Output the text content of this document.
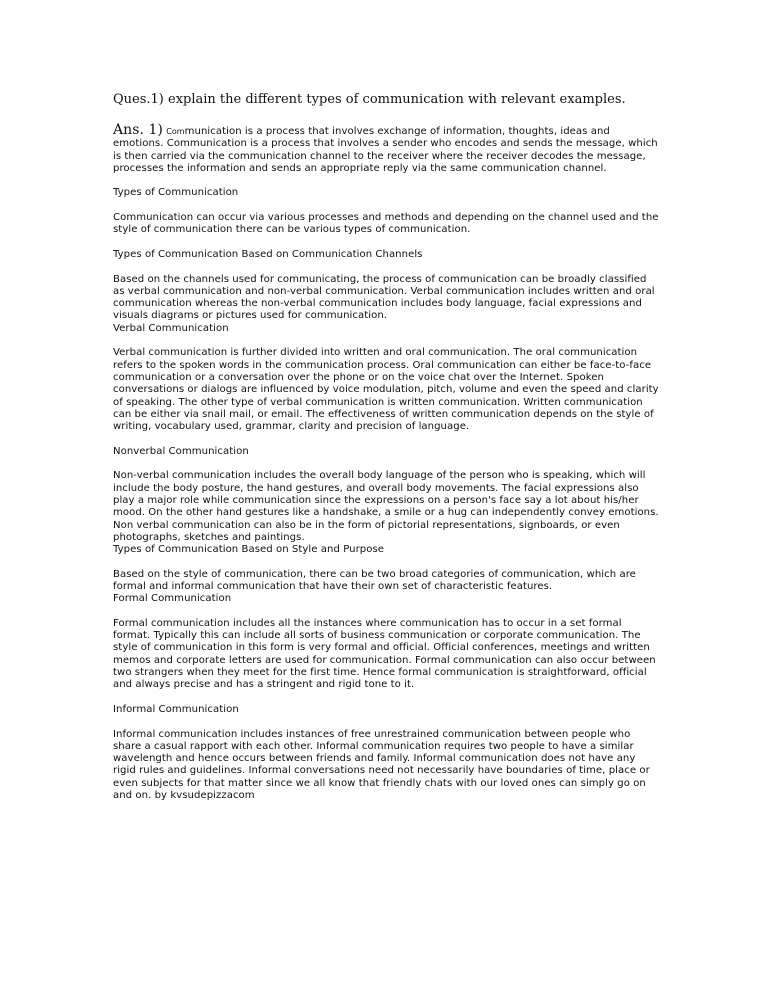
Ques.1) explain the different types of communication with relevant examples.

Ans. 1) Communication is a process that involves exchange of information, thoughts, ideas and emotions. Communication is a process that involves a sender who encodes and sends the message, which is then carried via the communication channel to the receiver where the receiver decodes the message, processes the information and sends an appropriate reply via the same communication channel.

Types of Communication

Communication can occur via various processes and methods and depending on the channel used and the style of communication there can be various types of communication.

Types of Communication Based on Communication Channels

Based on the channels used for communicating, the process of communication can be broadly classified as verbal communication and non-verbal communication. Verbal communication includes written and oral communication whereas the non-verbal communication includes body language, facial expressions and visuals diagrams or pictures used for communication.

Verbal Communication

Verbal communication is further divided into written and oral communication. The oral communication refers to the spoken words in the communication process. Oral communication can either be face-to-face communication or a conversation over the phone or on the voice chat over the Internet. Spoken conversations or dialogs are influenced by voice modulation, pitch, volume and even the speed and clarity of speaking. The other type of verbal communication is written communication. Written communication can be either via snail mail, or email. The effectiveness of written communication depends on the style of writing, vocabulary used, grammar, clarity and precision of language.

Nonverbal Communication

Non-verbal communication includes the overall body language of the person who is speaking, which will include the body posture, the hand gestures, and overall body movements. The facial expressions also play a major role while communication since the expressions on a person's face say a lot about his/her mood. On the other hand gestures like a handshake, a smile or a hug can independently convey emotions. Non verbal communication can also be in the form of pictorial representations, signboards, or even photographs, sketches and paintings.

Types of Communication Based on Style and Purpose

Based on the style of communication, there can be two broad categories of communication, which are formal and informal communication that have their own set of characteristic features.

Formal Communication

Formal communication includes all the instances where communication has to occur in a set formal format. Typically this can include all sorts of business communication or corporate communication. The style of communication in this form is very formal and official. Official conferences, meetings and written memos and corporate letters are used for communication. Formal communication can also occur between two strangers when they meet for the first time. Hence formal communication is straightforward, official and always precise and has a stringent and rigid tone to it.

Informal Communication

Informal communication includes instances of free unrestrained communication between people who share a casual rapport with each other. Informal communication requires two people to have a similar wavelength and hence occurs between friends and family. Informal communication does not have any rigid rules and guidelines. Informal conversations need not necessarily have boundaries of time, place or even subjects for that matter since we all know that friendly chats with our loved ones can simply go on and on. by kvsudepizzacom
